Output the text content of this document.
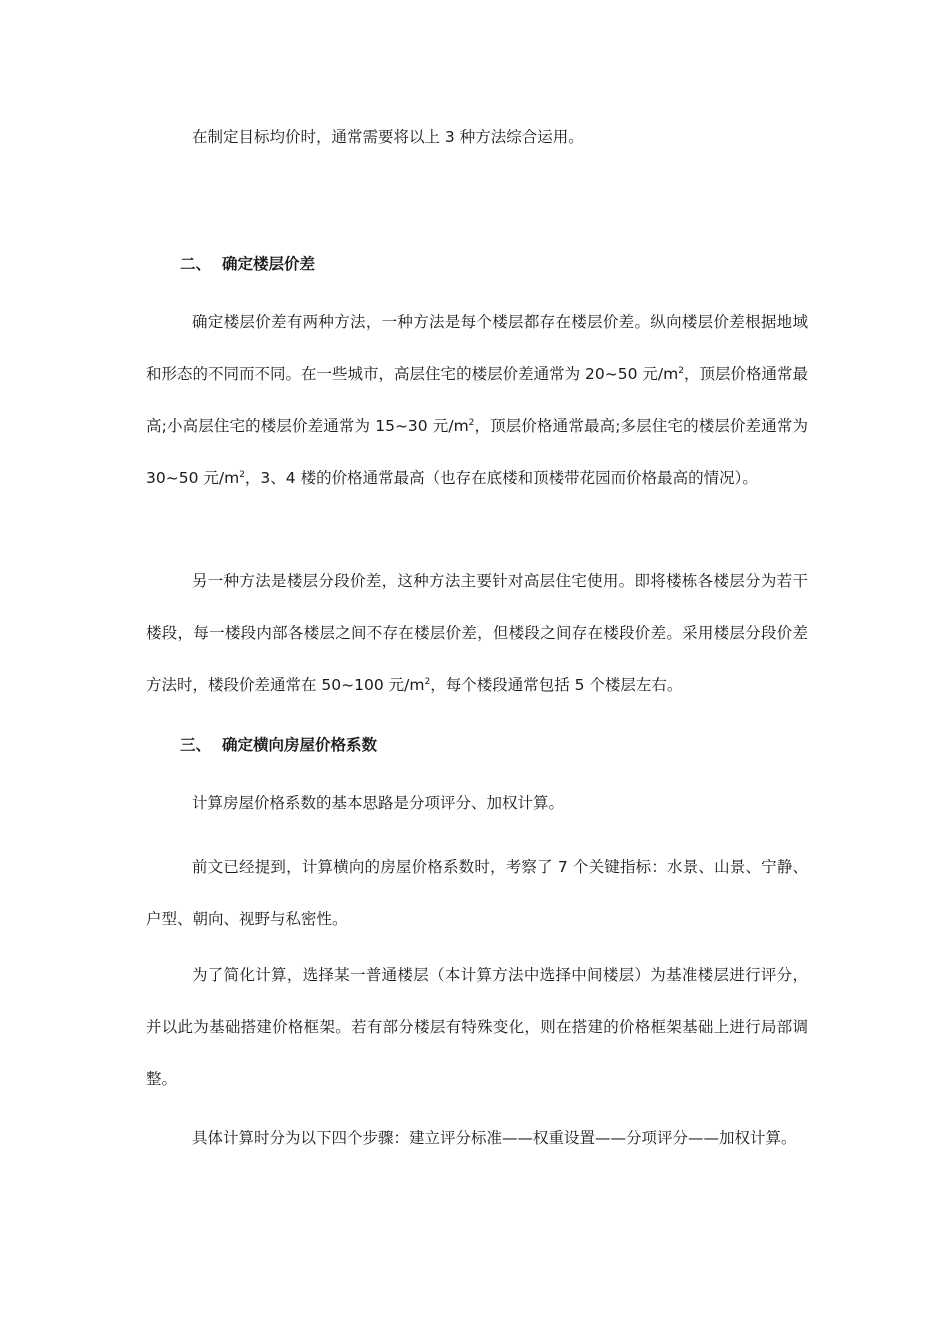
在制定目标均价时，通常需要将以上 3 种方法综合运用。

二、 确定楼层价差

确定楼层价差有两种方法，一种方法是每个楼层都存在楼层价差。纵向楼层价差根据地域和形态的不同而不同。在一些城市，高层住宅的楼层价差通常为 20~50 元$/m^2$，顶层价格通常最高;小高层住宅的楼层价差通常为 15~30 元$/m^2$，顶层价格通常最高;多层住宅的楼层价差通常为 30~50 元$/m^2$，3、4 楼的价格通常最高（也存在底楼和顶楼带花园而价格最高的情况）。

另一种方法是楼层分段价差，这种方法主要针对高层住宅使用。即将楼栋各楼层分为若干楼段，每一楼段内部各楼层之间不存在楼层价差，但楼段之间存在楼段价差。采用楼层分段价差方法时，楼段价差通常在 50~100 元$/m^2$，每个楼段通常包括 5 个楼层左右。

三、 确定横向房屋价格系数

计算房屋价格系数的基本思路是分项评分、加权计算。

前文已经提到，计算横向的房屋价格系数时，考察了 7 个关键指标：水景、山景、宁静、户型、朝向、视野与私密性。

为了简化计算，选择某一普通楼层（本计算方法中选择中间楼层）为基准楼层进行评分，并以此为基础搭建价格框架。若有部分楼层有特殊变化，则在搭建的价格框架基础上进行局部调整。

具体计算时分为以下四个步骤：建立评分标准——权重设置——分项评分——加权计算。
